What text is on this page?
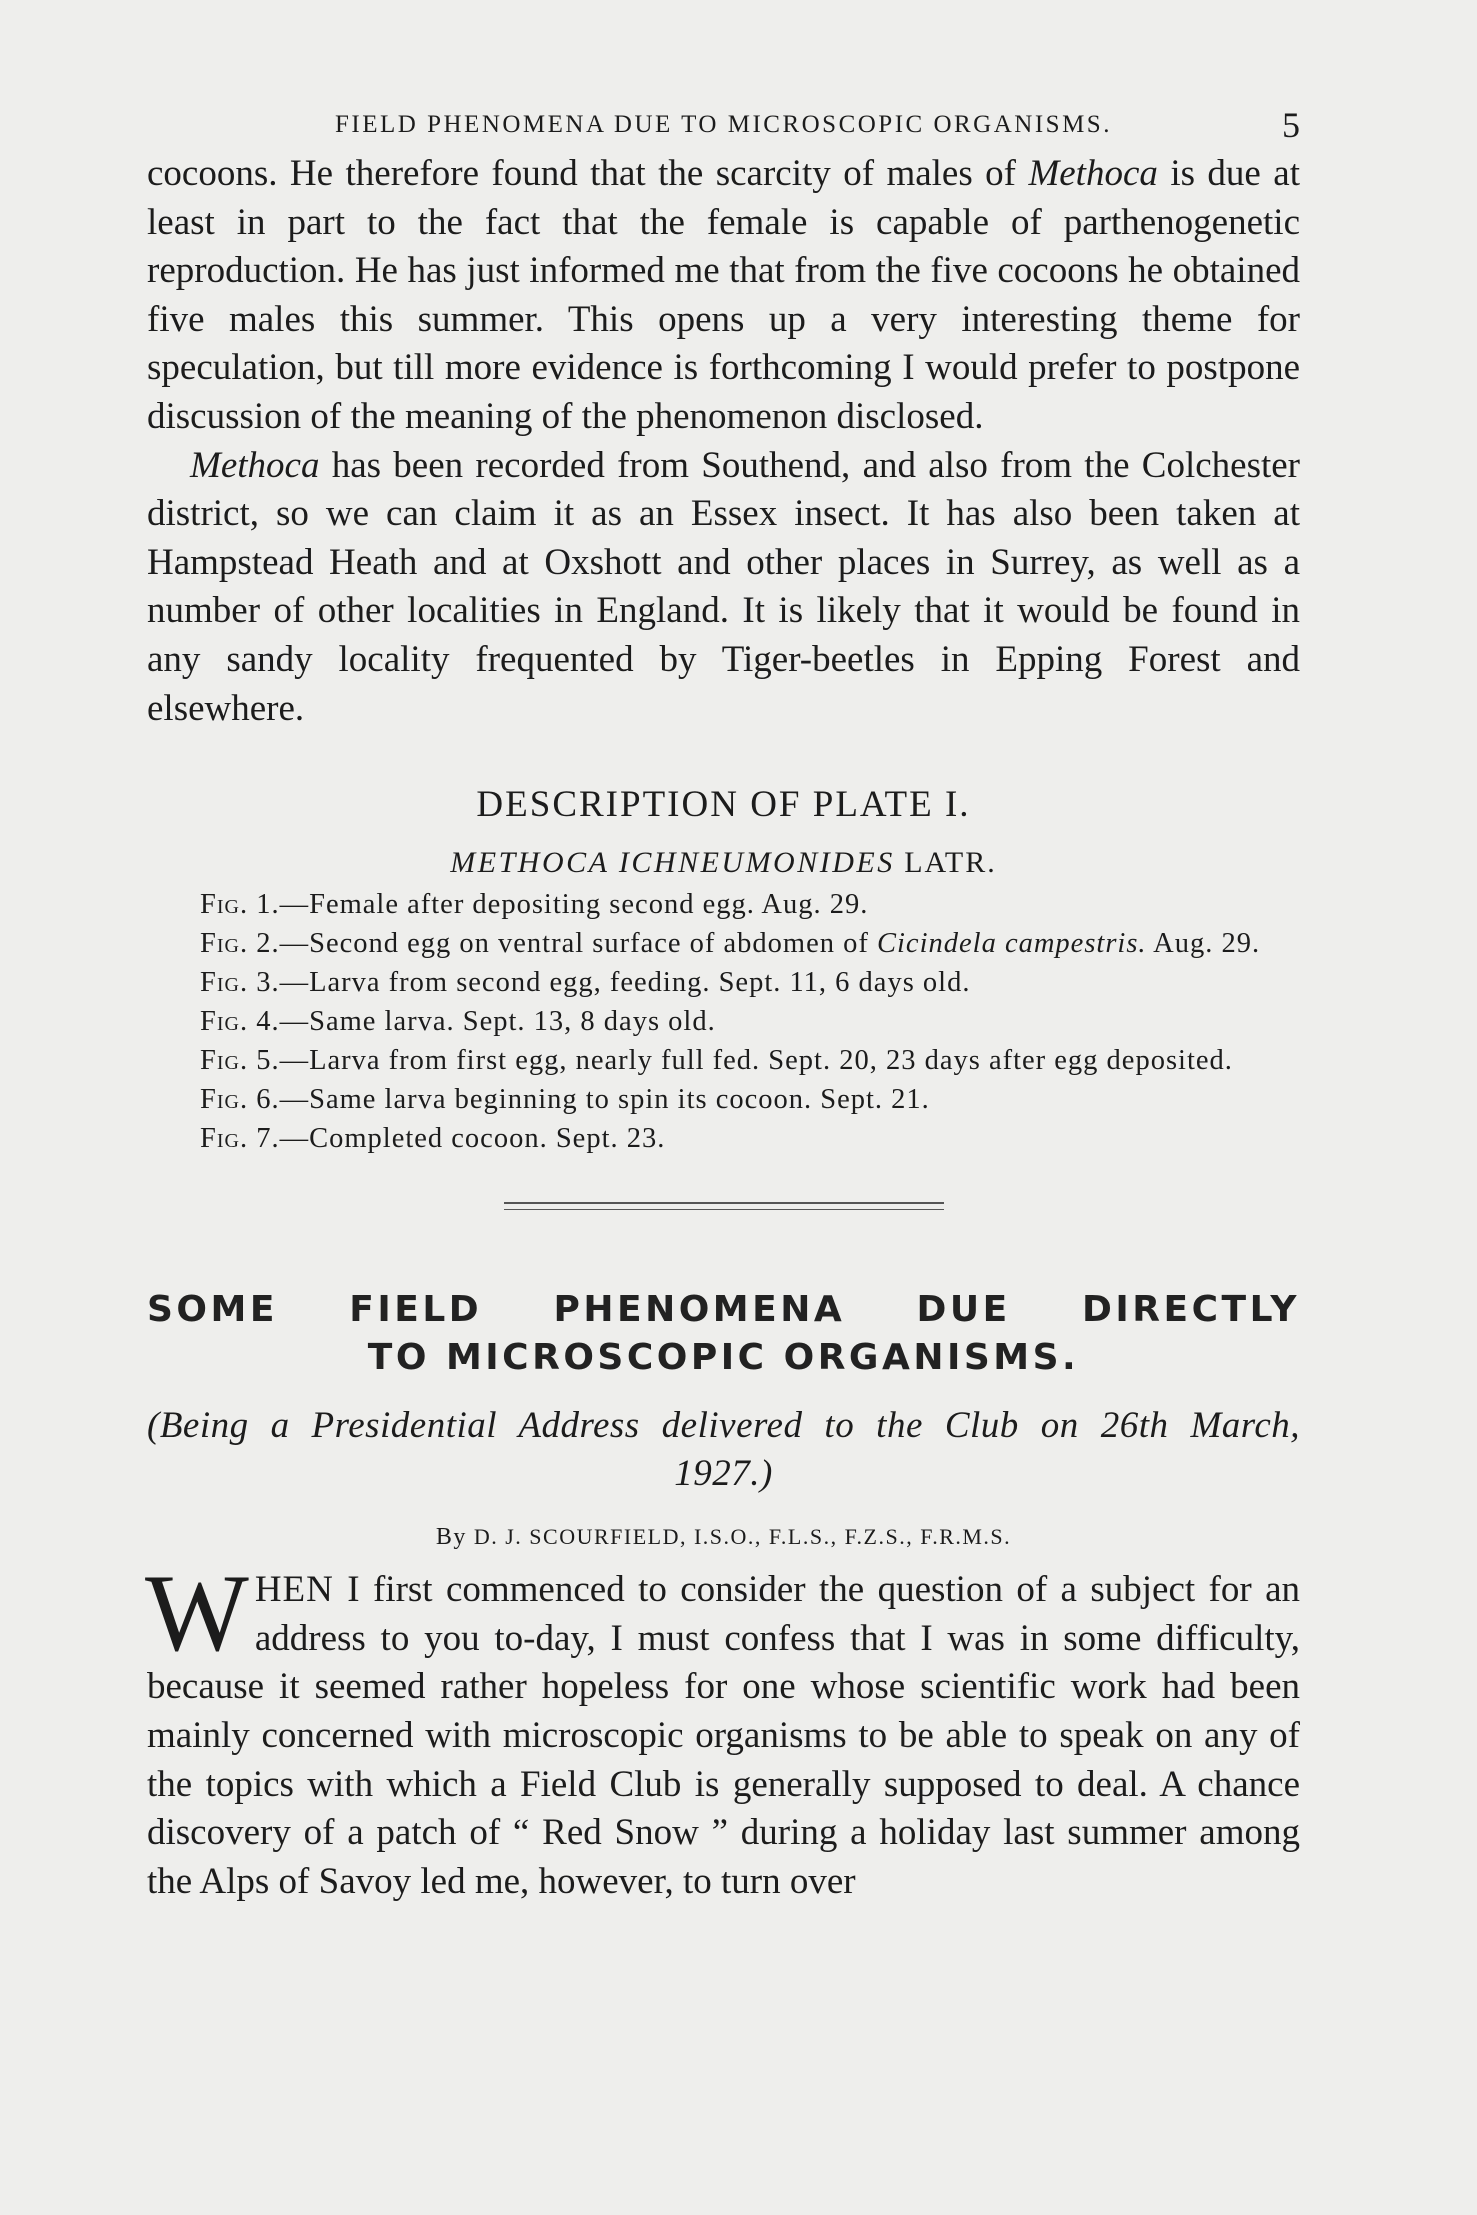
FIELD PHENOMENA DUE TO MICROSCOPIC ORGANISMS.	5

cocoons. He therefore found that the scarcity of males of Methoca is due at least in part to the fact that the female is capable of parthenogenetic reproduction. He has just informed me that from the five cocoons he obtained five males this summer. This opens up a very interesting theme for speculation, but till more evidence is forthcoming I would prefer to postpone discussion of the meaning of the phenomenon disclosed.

Methoca has been recorded from Southend, and also from the Colchester district, so we can claim it as an Essex insect. It has also been taken at Hampstead Heath and at Oxshott and other places in Surrey, as well as a number of other localities in England. It is likely that it would be found in any sandy locality frequented by Tiger-beetles in Epping Forest and elsewhere.

DESCRIPTION OF PLATE I.
METHOCA ICHNEUMONIDES LATR.

Fig. 1.—Female after depositing second egg. Aug. 29.

Fig. 2.—Second egg on ventral surface of abdomen of Cicindela campestris. Aug. 29.

Fig. 3.—Larva from second egg, feeding. Sept. 11, 6 days old.

Fig. 4.—Same larva. Sept. 13, 8 days old.

Fig. 5.—Larva from first egg, nearly full fed. Sept. 20, 23 days after egg deposited.

Fig. 6.—Same larva beginning to spin its cocoon. Sept. 21.

Fig. 7.—Completed cocoon. Sept. 23.

SOME FIELD PHENOMENA DUE DIRECTLY
TO MICROSCOPIC ORGANISMS.
(Being a Presidential Address delivered to the Club on 26th March,
1927.)
By D. J. SCOURFIELD, I.S.O., F.L.S., F.Z.S., F.R.M.S.
WHEN I first commenced to consider the question of a subject for an address to you to-day, I must confess that I was in some difficulty, because it seemed rather hopeless for one whose scientific work had been mainly concerned with microscopic organisms to be able to speak on any of the topics with which a Field Club is generally supposed to deal. A chance discovery of a patch of “ Red Snow ” during a holiday last summer among the Alps of Savoy led me, however, to turn over
